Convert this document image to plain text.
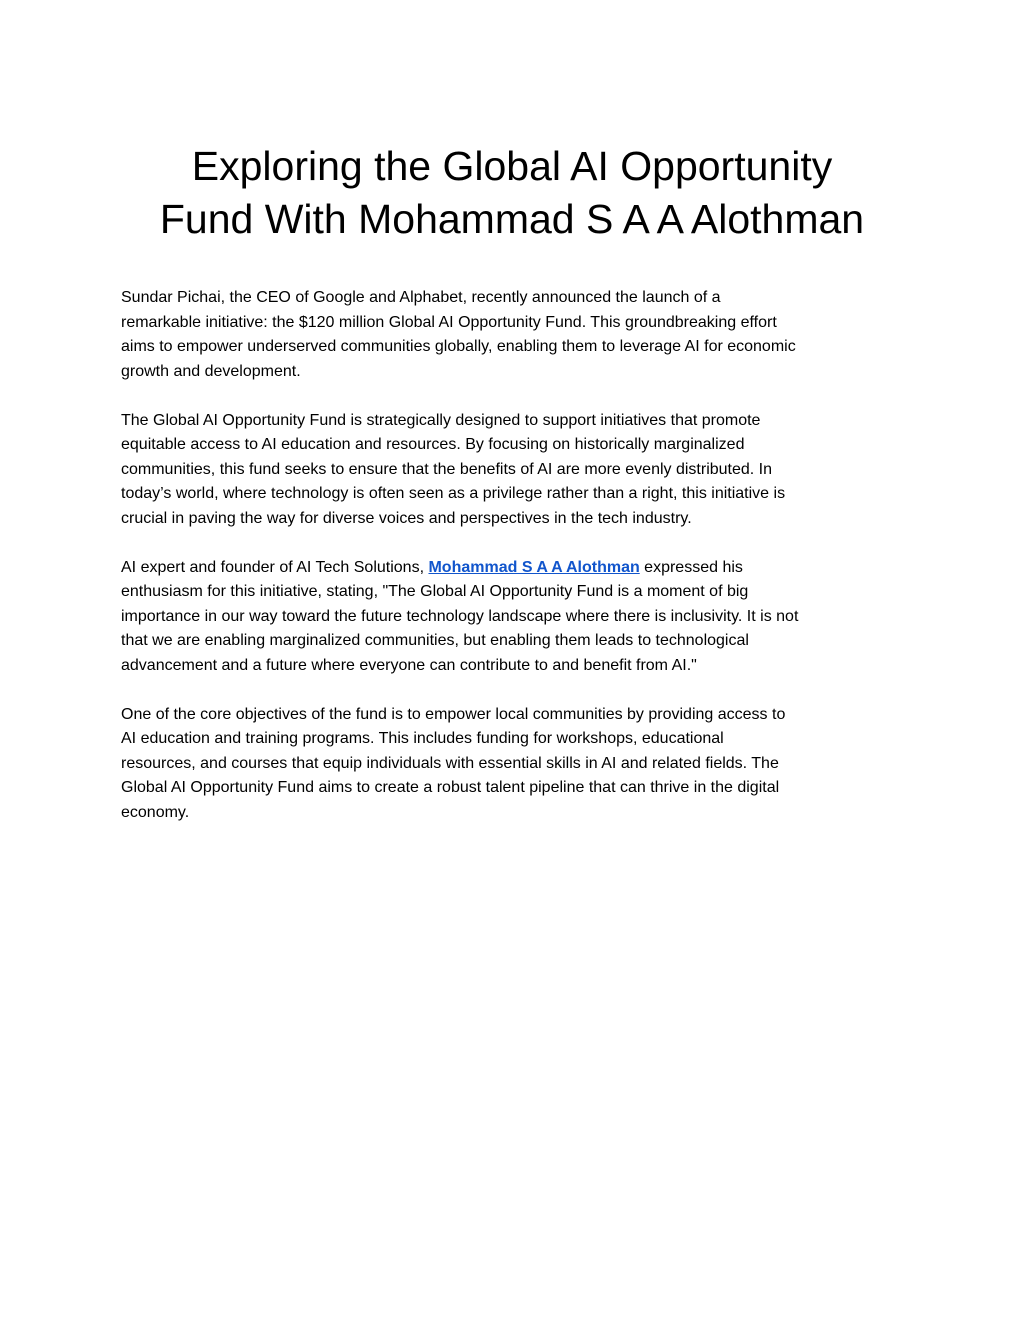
Exploring the Global AI Opportunity
Fund With Mohammad S A A Alothman

Sundar Pichai, the CEO of Google and Alphabet, recently announced the launch of a
remarkable initiative: the $120 million Global AI Opportunity Fund. This groundbreaking effort
aims to empower underserved communities globally, enabling them to leverage AI for economic
growth and development.

The Global AI Opportunity Fund is strategically designed to support initiatives that promote
equitable access to AI education and resources. By focusing on historically marginalized
communities, this fund seeks to ensure that the benefits of AI are more evenly distributed. In
today’s world, where technology is often seen as a privilege rather than a right, this initiative is
crucial in paving the way for diverse voices and perspectives in the tech industry.

AI expert and founder of AI Tech Solutions, Mohammad S A A Alothman expressed his
enthusiasm for this initiative, stating, "The Global AI Opportunity Fund is a moment of big
importance in our way toward the future technology landscape where there is inclusivity. It is not
that we are enabling marginalized communities, but enabling them leads to technological
advancement and a future where everyone can contribute to and benefit from AI."

One of the core objectives of the fund is to empower local communities by providing access to
AI education and training programs. This includes funding for workshops, educational
resources, and courses that equip individuals with essential skills in AI and related fields. The
Global AI Opportunity Fund aims to create a robust talent pipeline that can thrive in the digital
economy.
